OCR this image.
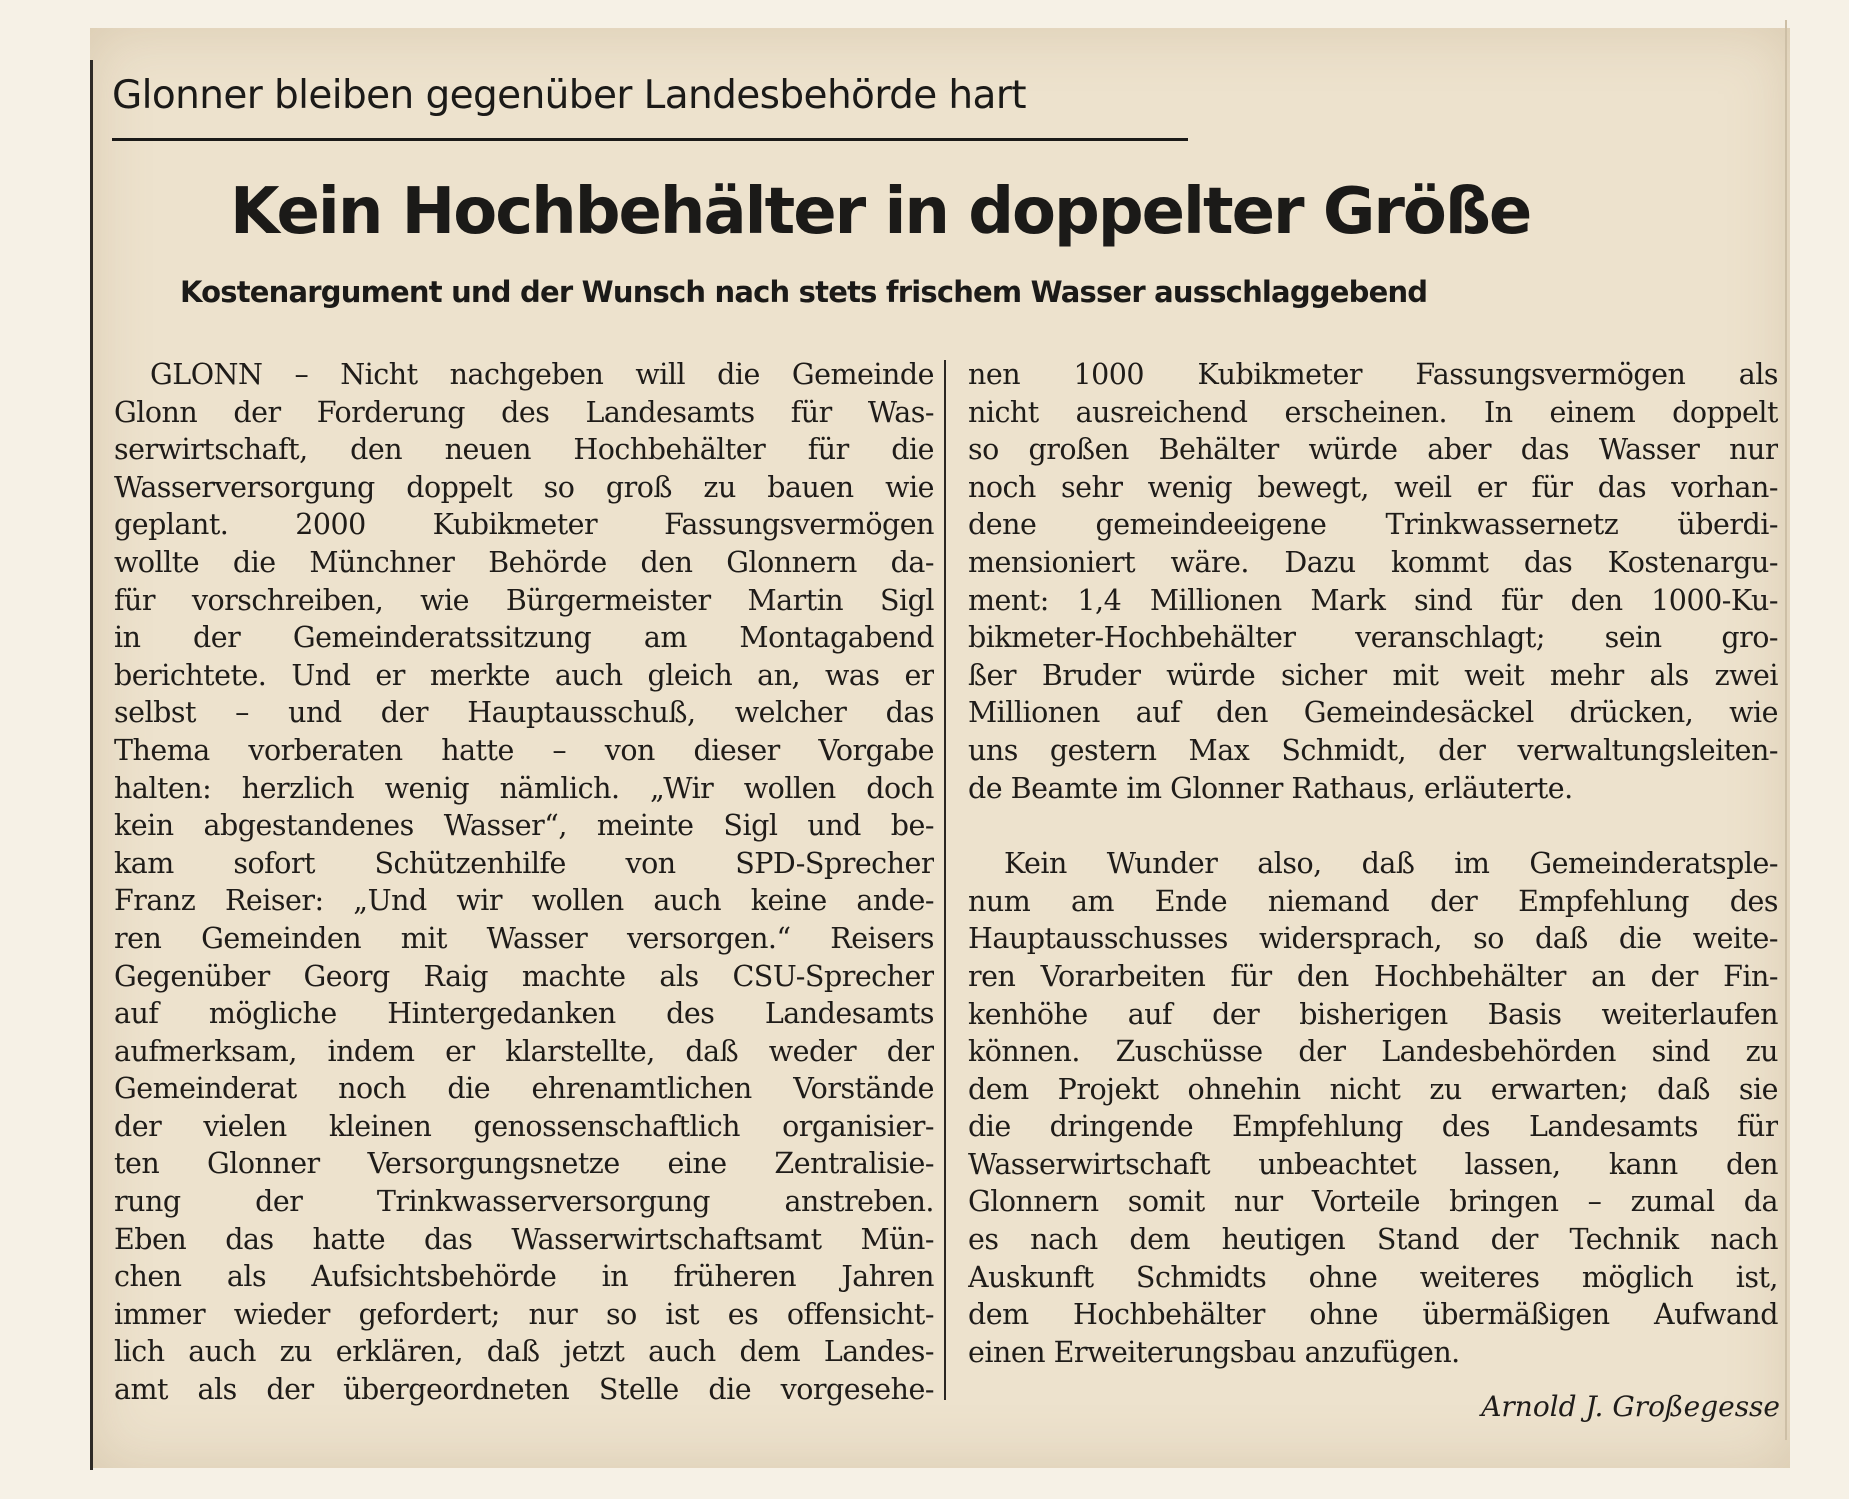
Glonner bleiben gegenüber Landesbehörde hart
Kein Hochbehälter in doppelter Größe
Kostenargument und der Wunsch nach stets frischem Wasser ausschlaggebend
GLONN – Nicht nachgeben will die Gemeinde
Glonn der Forderung des Landesamts für Was-
serwirtschaft, den neuen Hochbehälter für die
Wasserversorgung doppelt so groß zu bauen wie
geplant. 2000 Kubikmeter Fassungsvermögen
wollte die Münchner Behörde den Glonnern da-
für vorschreiben, wie Bürgermeister Martin Sigl
in der Gemeinderatssitzung am Montagabend
berichtete. Und er merkte auch gleich an, was er
selbst – und der Hauptausschuß, welcher das
Thema vorberaten hatte – von dieser Vorgabe
halten: herzlich wenig nämlich. „Wir wollen doch
kein abgestandenes Wasser“, meinte Sigl und be-
kam sofort Schützenhilfe von SPD-Sprecher
Franz Reiser: „Und wir wollen auch keine ande-
ren Gemeinden mit Wasser versorgen.“ Reisers
Gegenüber Georg Raig machte als CSU-Sprecher
auf mögliche Hintergedanken des Landesamts
aufmerksam, indem er klarstellte, daß weder der
Gemeinderat noch die ehrenamtlichen Vorstände
der vielen kleinen genossenschaftlich organisier-
ten Glonner Versorgungsnetze eine Zentralisie-
rung der Trinkwasserversorgung anstreben.
Eben das hatte das Wasserwirtschaftsamt Mün-
chen als Aufsichtsbehörde in früheren Jahren
immer wieder gefordert; nur so ist es offensicht-
lich auch zu erklären, daß jetzt auch dem Landes-
amt als der übergeordneten Stelle die vorgesehe-
nen 1000 Kubikmeter Fassungsvermögen als
nicht ausreichend erscheinen. In einem doppelt
so großen Behälter würde aber das Wasser nur
noch sehr wenig bewegt, weil er für das vorhan-
dene gemeindeeigene Trinkwassernetz überdi-
mensioniert wäre. Dazu kommt das Kostenargu-
ment: 1,4 Millionen Mark sind für den 1000-Ku-
bikmeter-Hochbehälter veranschlagt; sein gro-
ßer Bruder würde sicher mit weit mehr als zwei
Millionen auf den Gemeindesäckel drücken, wie
uns gestern Max Schmidt, der verwaltungsleiten-
de Beamte im Glonner Rathaus, erläuterte.
Kein Wunder also, daß im Gemeinderatsple-
num am Ende niemand der Empfehlung des
Hauptausschusses widersprach, so daß die weite-
ren Vorarbeiten für den Hochbehälter an der Fin-
kenhöhe auf der bisherigen Basis weiterlaufen
können. Zuschüsse der Landesbehörden sind zu
dem Projekt ohnehin nicht zu erwarten; daß sie
die dringende Empfehlung des Landesamts für
Wasserwirtschaft unbeachtet lassen, kann den
Glonnern somit nur Vorteile bringen – zumal da
es nach dem heutigen Stand der Technik nach
Auskunft Schmidts ohne weiteres möglich ist,
dem Hochbehälter ohne übermäßigen Aufwand
einen Erweiterungsbau anzufügen.
Arnold J. Großegesse
